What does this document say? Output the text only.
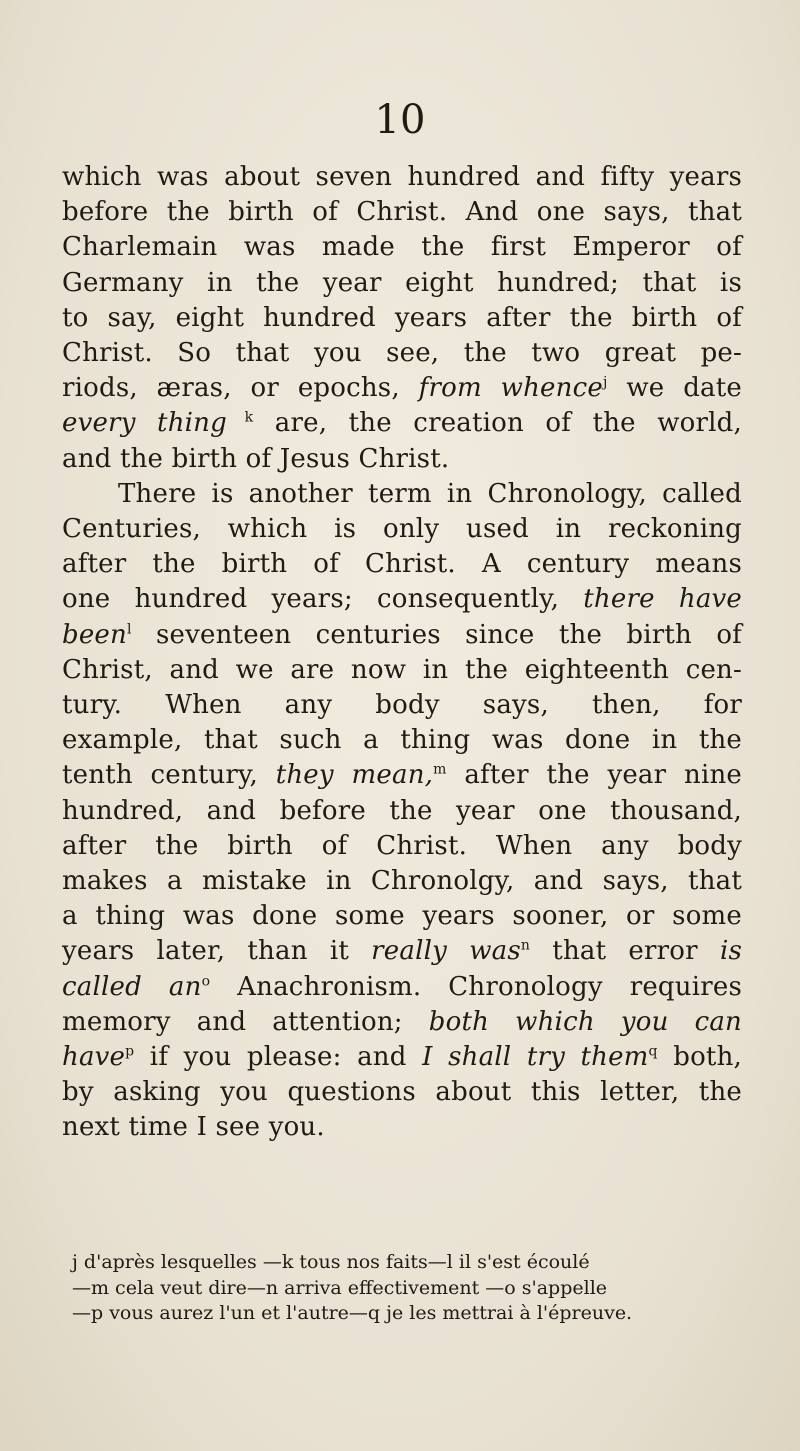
10
which was about seven hundred and fifty years
before the birth of Christ. And one says, that
Charlemain was made the first Emperor of
Germany in the year eight hundred; that is
to say, eight hundred years after the birth of
Christ. So that you see, the two great pe-
riods, æras, or epochs, from whence$^j$ we date
every thing $^k$ are, the creation of the world,
and the birth of Jesus Christ.
There is another term in Chronology, called
Centuries, which is only used in reckoning
after the birth of Christ. A century means
one hundred years; consequently, there have
been$^l$ seventeen centuries since the birth of
Christ, and we are now in the eighteenth cen-
tury. When any body says, then, for
example, that such a thing was done in the
tenth century, they mean,$^m$ after the year nine
hundred, and before the year one thousand,
after the birth of Christ. When any body
makes a mistake in Chronolgy, and says, that
a thing was done some years sooner, or some
years later, than it really was$^n$ that error is
called $an^o$ Anachronism. Chronology requires
memory and attention; both which you can
have$^p$ if you please: and I shall try them$^q$ both,
by asking you questions about this letter, the
next time I see you.
j d'après lesquelles —k tous nos faits—l il s'est écoulé
—m cela veut dire—n arriva effectivement —o s'appelle
—p vous aurez l'un et l'autre—q je les mettrai à l'épreuve.
